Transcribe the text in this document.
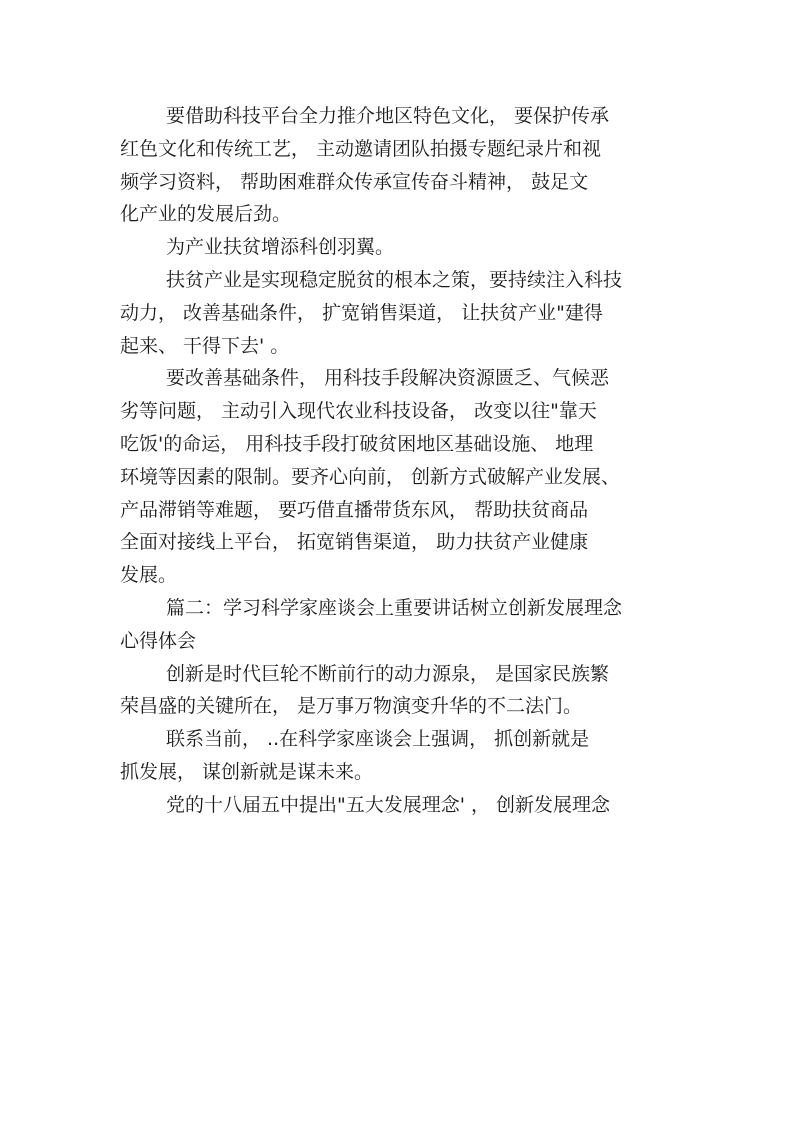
要借助科技平台全力推介地区特色文化， 要保护传承
红色文化和传统工艺， 主动邀请团队拍摄专题纪录片和视
频学习资料， 帮助困难群众传承宣传奋斗精神， 鼓足文
化产业的发展后劲。
为产业扶贫增添科创羽翼。
扶贫产业是实现稳定脱贫的根本之策，要持续注入科技
动力， 改善基础条件， 扩宽销售渠道， 让扶贫产业"建得
起来、 干得下去' 。
要改善基础条件， 用科技手段解决资源匮乏、气候恶
劣等问题， 主动引入现代农业科技设备， 改变以往"靠天
吃饭'的命运， 用科技手段打破贫困地区基础设施、 地理
环境等因素的限制。要齐心向前， 创新方式破解产业发展、
产品滞销等难题， 要巧借直播带货东风， 帮助扶贫商品
全面对接线上平台， 拓宽销售渠道， 助力扶贫产业健康
发展。
篇二：学习科学家座谈会上重要讲话树立创新发展理念
心得体会
创新是时代巨轮不断前行的动力源泉， 是国家民族繁
荣昌盛的关键所在， 是万事万物演变升华的不二法门。
联系当前， ..在科学家座谈会上强调， 抓创新就是
抓发展， 谋创新就是谋未来。
党的十八届五中提出"五大发展理念' ， 创新发展理念
